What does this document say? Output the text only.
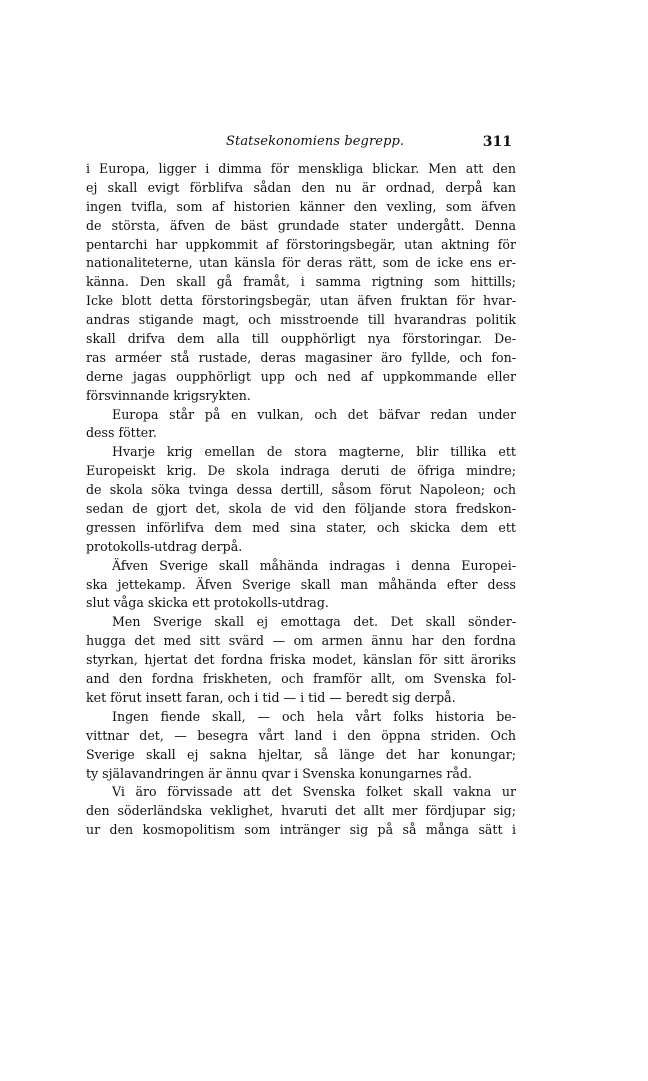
Statsekonomiens begrepp.	311
i Europa, ligger i dimma för menskliga blickar. Men att den
ej skall evigt förblifva sådan den nu är ordnad, derpå kan
ingen tvifla, som af historien känner den vexling, som äfven
de största, äfven de bäst grundade stater undergått. Denna
pentarchi har uppkommit af förstoringsbegär, utan aktning för
nationaliteterne, utan känsla för deras rätt, som de icke ens er-
känna. Den skall gå framåt, i samma rigtning som hittills;
Icke blott detta förstoringsbegär, utan äfven fruktan för hvar-
andras stigande magt, och misstroende till hvarandras politik
skall drifva dem alla till oupphörligt nya förstoringar. De-
ras arméer stå rustade, deras magasiner äro fyllde, och fon-
derne jagas oupphörligt upp och ned af uppkommande eller
försvinnande krigsrykten.
Europa står på en vulkan, och det bäfvar redan under
dess fötter.
Hvarje krig emellan de stora magterne, blir tillika ett
Europeiskt krig. De skola indraga deruti de öfriga mindre;
de skola söka tvinga dessa dertill, såsom förut Napoleon; och
sedan de gjort det, skola de vid den följande stora fredskon-
gressen införlifva dem med sina stater, och skicka dem ett
protokolls-utdrag derpå.
Äfven Sverige skall måhända indragas i denna Europei-
ska jettekamp. Äfven Sverige skall man måhända efter dess
slut våga skicka ett protokolls-utdrag.
Men Sverige skall ej emottaga det. Det skall sönder-
hugga det med sitt svärd — om armen ännu har den fordna
styrkan, hjertat det fordna friska modet, känslan för sitt äroriks
and den fordna friskheten, och framför allt, om Svenska fol-
ket förut insett faran, och i tid — i tid — beredt sig derpå.
Ingen fiende skall, — och hela vårt folks historia be-
vittnar det, — besegra vårt land i den öppna striden. Och
Sverige skall ej sakna hjeltar, så länge det har konungar;
ty själavandringen är ännu qvar i Svenska konungarnes råd.
Vi äro förvissade att det Svenska folket skall vakna ur
den söderländska veklighet, hvaruti det allt mer fördjupar sig;
ur den kosmopolitism som intränger sig på så många sätt i
